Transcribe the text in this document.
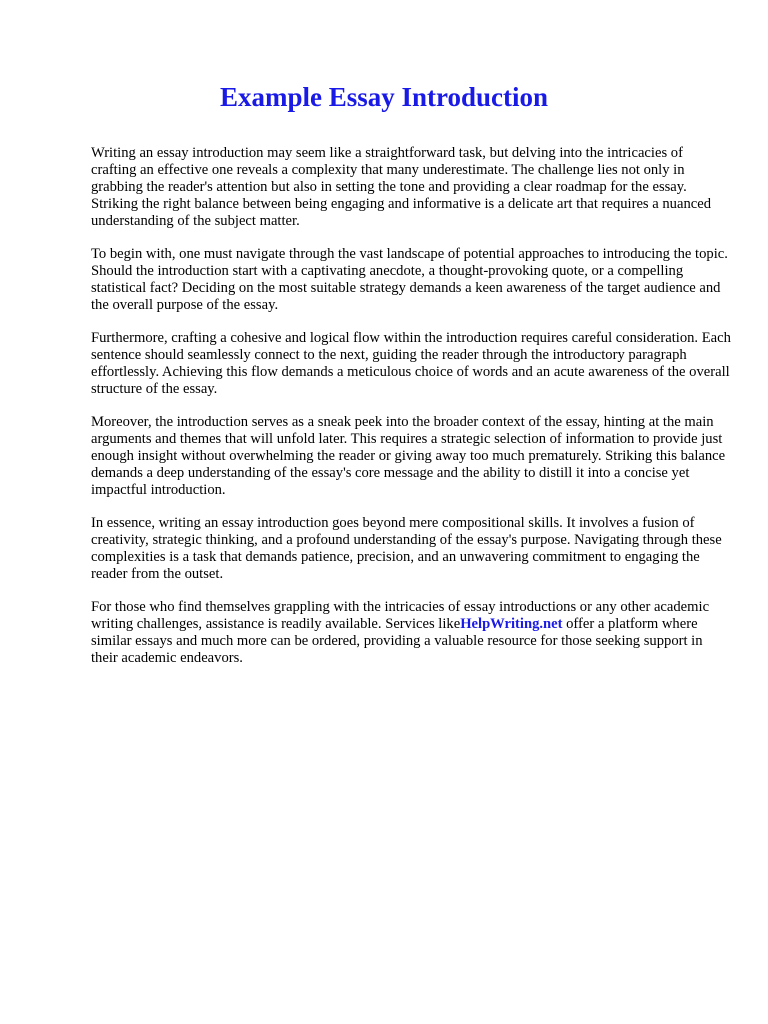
Example Essay Introduction

Writing an essay introduction may seem like a straightforward task, but delving into the intricacies of crafting an effective one reveals a complexity that many underestimate. The challenge lies not only in grabbing the reader's attention but also in setting the tone and providing a clear roadmap for the essay. Striking the right balance between being engaging and informative is a delicate art that requires a nuanced understanding of the subject matter.

To begin with, one must navigate through the vast landscape of potential approaches to introducing the topic. Should the introduction start with a captivating anecdote, a thought-provoking quote, or a compelling statistical fact? Deciding on the most suitable strategy demands a keen awareness of the target audience and the overall purpose of the essay.

Furthermore, crafting a cohesive and logical flow within the introduction requires careful consideration. Each sentence should seamlessly connect to the next, guiding the reader through the introductory paragraph effortlessly. Achieving this flow demands a meticulous choice of words and an acute awareness of the overall structure of the essay.

Moreover, the introduction serves as a sneak peek into the broader context of the essay, hinting at the main arguments and themes that will unfold later. This requires a strategic selection of information to provide just enough insight without overwhelming the reader or giving away too much prematurely. Striking this balance demands a deep understanding of the essay's core message and the ability to distill it into a concise yet impactful introduction.

In essence, writing an essay introduction goes beyond mere compositional skills. It involves a fusion of creativity, strategic thinking, and a profound understanding of the essay's purpose. Navigating through these complexities is a task that demands patience, precision, and an unwavering commitment to engaging the reader from the outset.

For those who find themselves grappling with the intricacies of essay introductions or any other academic writing challenges, assistance is readily available. Services likeHelpWriting.net offer a platform where similar essays and much more can be ordered, providing a valuable resource for those seeking support in their academic endeavors.
